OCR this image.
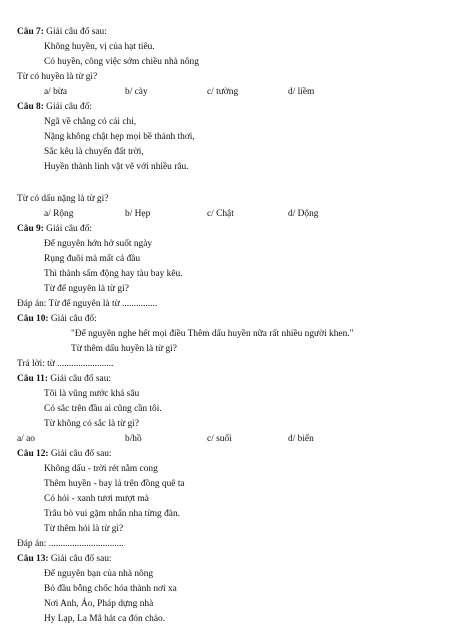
Câu 7: Giải câu đố sau:
Không huyền, vị của hạt tiêu.
Có huyền, công việc sớm chiều nhà nông
Từ có huyền là từ gì?
a/ bừa	b/ cày	c/ tường	d/ liềm
Câu 8: Giải câu đố:
Ngã về chẳng có cái chi,
Nặng không chật hẹp mọi bề thảnh thơi,
Sắc kêu là chuyển đất trời,
Huyền thành linh vật vẽ với nhiều râu.
Từ có dấu nặng là từ gì?
a/ Rộng	b/ Hẹp	c/ Chật	d/ Dộng
Câu 9: Giải câu đố:
Để nguyên hớn hở suốt ngày
Rụng đuôi mà mất cả đầu
Thì thành sấm động hay tàu bay kêu.
Từ để nguyên là từ gì?
Đáp án: Từ để nguyên là từ ...............
Câu 10: Giải câu đố:
"Để nguyên nghe hết mọi điều Thêm dấu huyền nữa rất nhiều người khen."
Từ thêm dấu huyền là từ gì?
Trả lời: từ ........................
Câu 11: Giải câu đố sau:
Tôi là vũng nước khá sâu
Có sắc trên đầu ai cũng cần tôi.
Từ không có sắc là từ gì?
a/ ao	b/hồ	c/ suối	d/ biển
Câu 12: Giải câu đố sau:
Không dấu - trời rét nằm cong
Thêm huyền - bay lả trên đồng quê ta
Có hỏi - xanh tươi mượt mà
Trâu bò vui gặm nhẩn nha từng đàn.
Từ thêm hỏi là từ gì?
Đáp án: ................................
Câu 13: Giải câu đố sau:
Để nguyên bạn của nhà nông
Bỏ đầu bỗng chốc hóa thành nơi xa
Nơi Anh, Áo, Pháp dựng nhà
Hy Lạp, La Mã hát ca đón chào.
